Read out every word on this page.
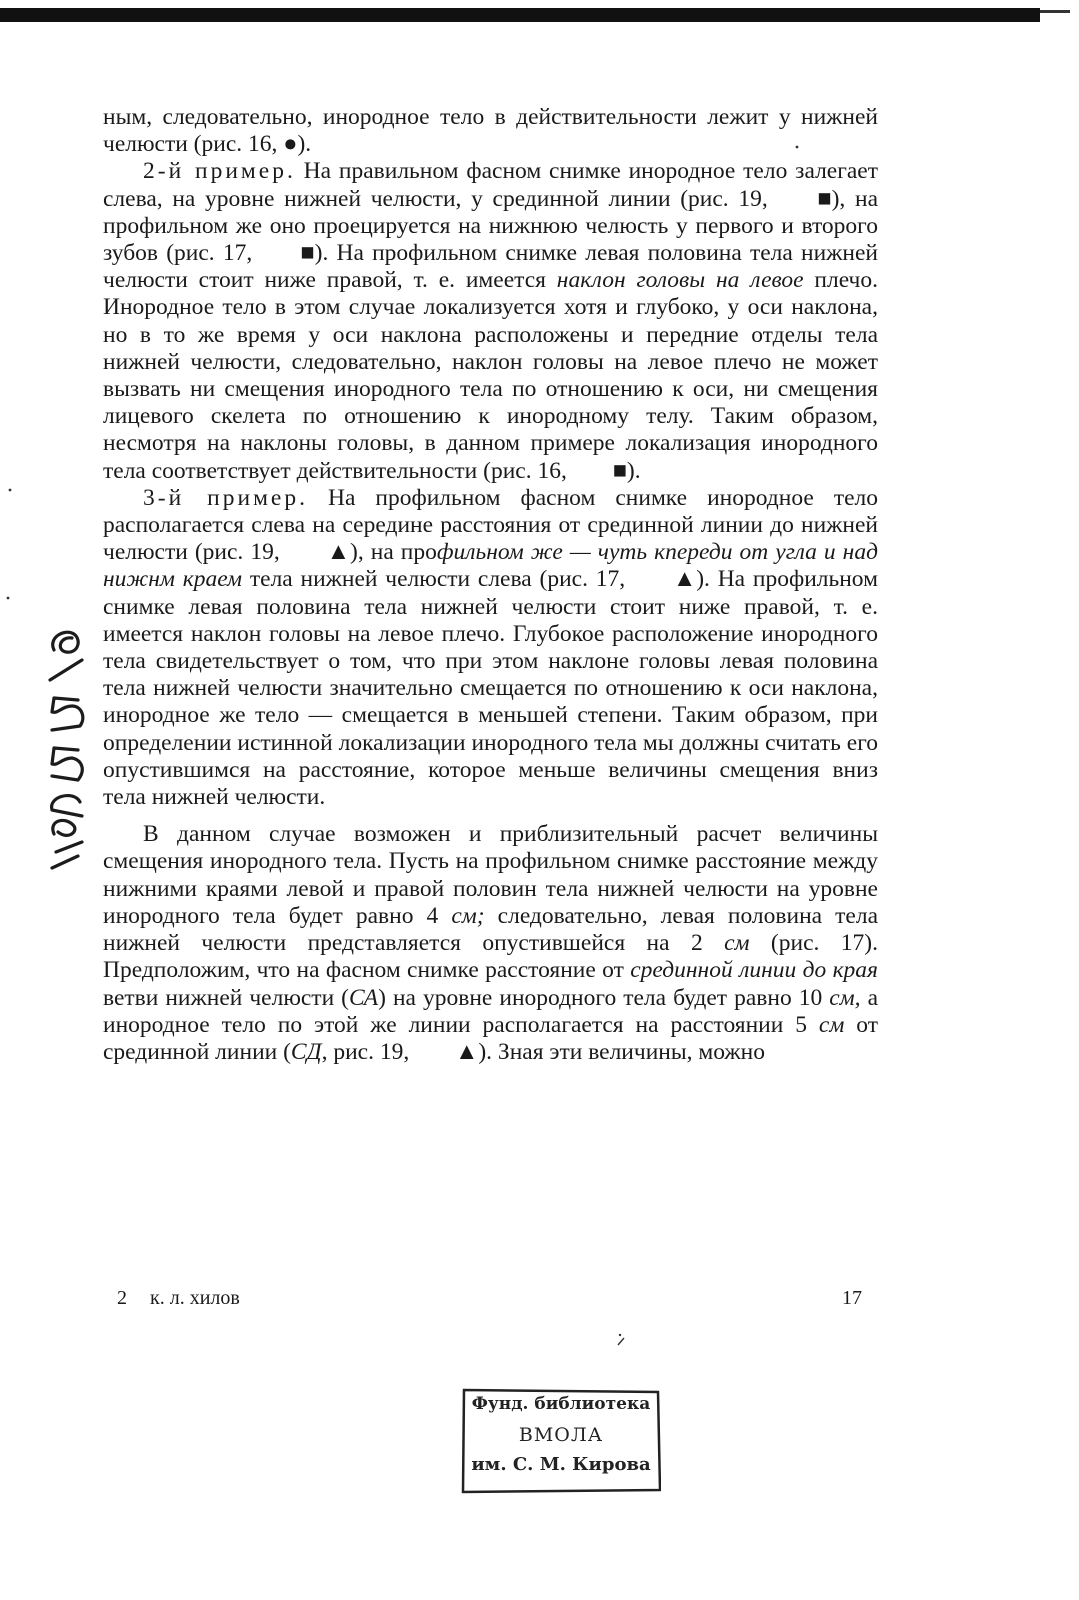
ным, следовательно, инородное тело в действительности лежит у нижней челюсти (рис. 16, ●).

2-й пример. На правильном фасном снимке инородное тело залегает слева, на уровне нижней челюсти, у срединной линии (рис. 19, ■), на профильном же оно проецируется на нижнюю челюсть у первого и второго зубов (рис. 17, ■). На профильном снимке левая половина тела нижней челюсти стоит ниже правой, т. е. имеется наклон головы на левое плечо. Инородное тело в этом случае локализуется хотя и глубоко, у оси наклона, но в то же время у оси наклона расположены и передние отделы тела нижней челюсти, следовательно, наклон головы на левое плечо не может вызвать ни смещения инородного тела по отношению к оси, ни смещения лицевого скелета по отношению к инородному телу. Таким образом, несмотря на наклоны головы, в данном примере локализация инородного тела соответствует действительности (рис. 16, ■).

3-й пример. На профильном фасном снимке инородное тело располагается слева на середине расстояния от срединной линии до нижней челюсти (рис. 19, ▲), на профильном же — чуть кпереди от угла и над нижнм краем тела нижней челюсти слева (рис. 17, ▲). На профильном снимке левая половина тела нижней челюсти стоит ниже правой, т. е. имеется наклон головы на левое плечо. Глубокое расположение инородного тела свидетельствует о том, что при этом наклоне головы левая половина тела нижней челюсти значительно смещается по отношению к оси наклона, инородное же тело — смещается в меньшей степени. Таким образом, при определении истинной локализации инородного тела мы должны считать его опустившимся на расстояние, которое меньше величины смещения вниз тела нижней челюсти.

В данном случае возможен и приблизительный расчет величины смещения инородного тела. Пусть на профильном снимке расстояние между нижними краями левой и правой половин тела нижней челюсти на уровне инородного тела будет равно 4 см; следовательно, левая половина тела нижней челюсти представляется опустившейся на 2 см (рис. 17). Предположим, что на фасном снимке расстояние от срединной линии до края ветви нижней челюсти (СА) на уровне инородного тела будет равно 10 см, а инородное тело по этой же линии располагается на расстоянии 5 см от срединной линии (СД, рис. 19, ▲). Зная эти величины, можно

2 к. л. хилов	17
Фунд. библиотека
ВМОЛА
им. С. М. Кирова
